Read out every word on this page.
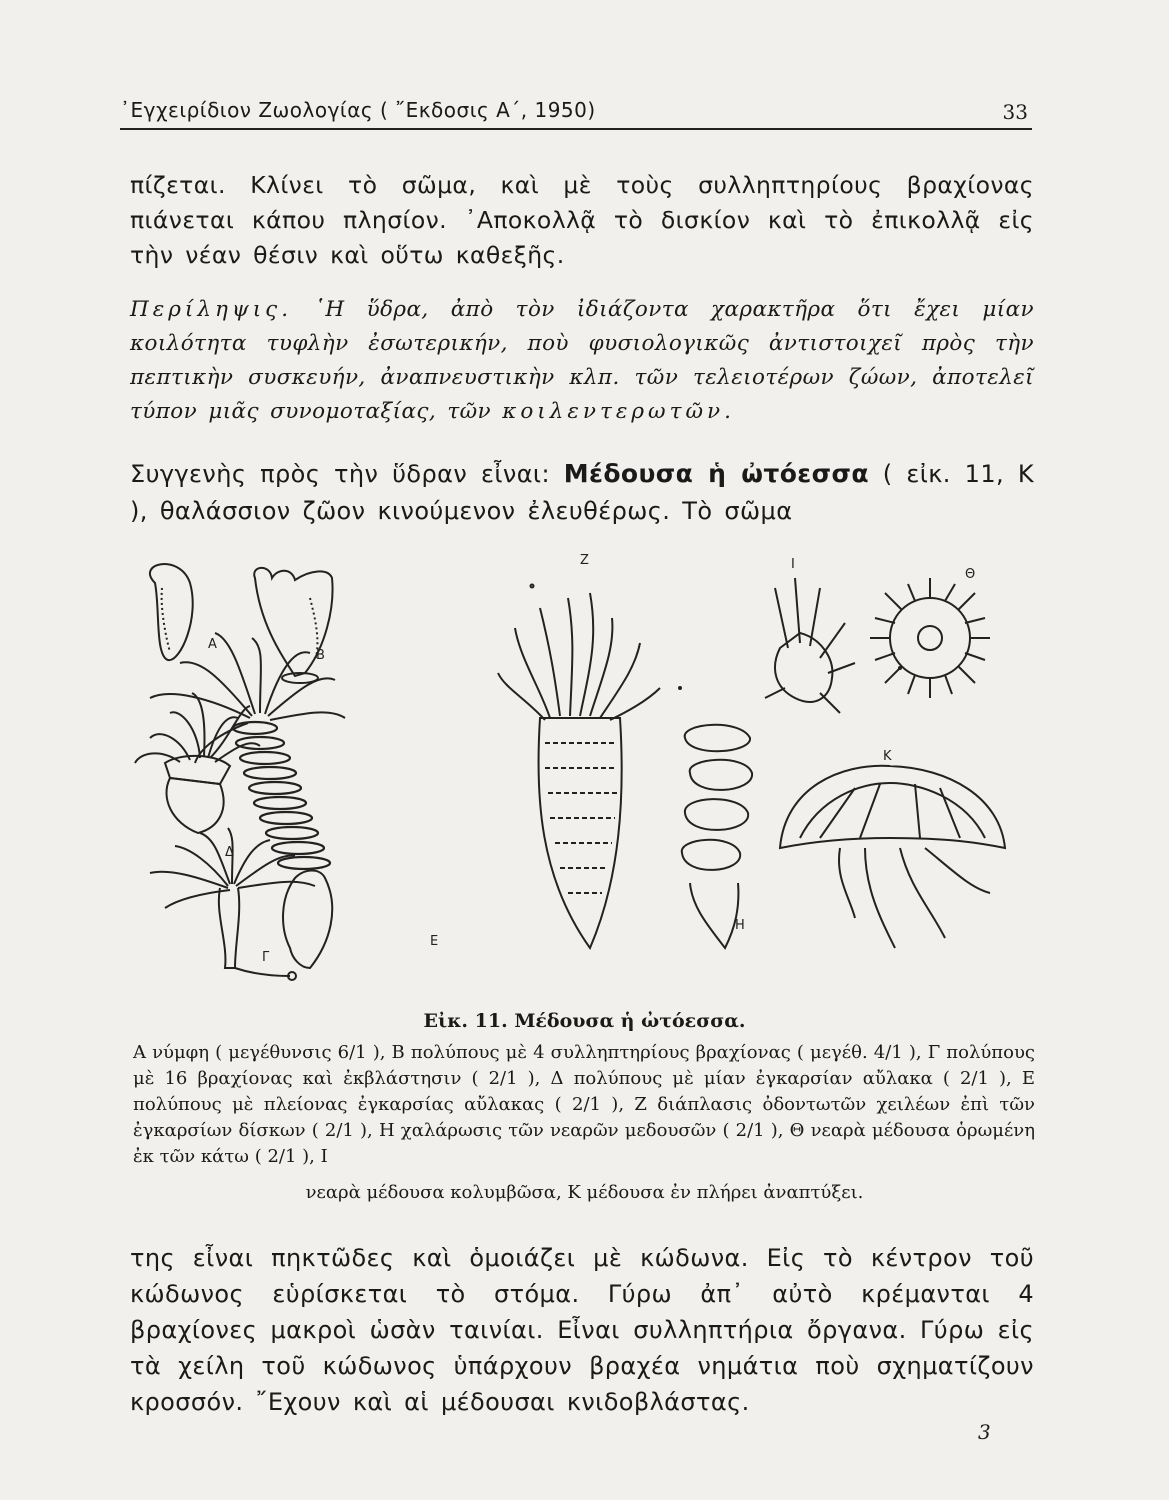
᾿Εγχειρίδιον Ζωολογίας ( ῎Εκδοσις Α΄, 1950)	33

πίζεται. Κλίνει τὸ σῶμα, καὶ μὲ τοὺς συλληπτηρίους βραχίονας πιάνεται κάπου πλησίον. ᾿Αποκολλᾷ τὸ δισκίον καὶ τὸ ἐπικολλᾷ εἰς τὴν νέαν θέσιν καὶ οὕτω καθεξῆς.

Περίληψις. ῾Η ὕδρα, ἀπὸ τὸν ἰδιάζοντα χαρακτῆρα ὅτι ἔχει μίαν κοιλότητα τυφλὴν ἐσωτερικήν, ποὺ φυσιολογικῶς ἀντιστοιχεῖ πρὸς τὴν πεπτικὴν συσκευήν, ἀναπνευστικὴν κλπ. τῶν τελειοτέρων ζώων, ἀποτελεῖ τύπον μιᾶς συνομοταξίας, τῶν κοιλεντερωτῶν.

Συγγενὴς πρὸς τὴν ὕδραν εἶναι: Μέδουσα ἡ ὠτόεσσα ( εἰκ. 11, Κ ), θαλάσσιον ζῶον κινούμενον ἐλευθέρως. Τὸ σῶμα

Α
Β
Δ
Γ
Ε
Ζ
Η
Ι
Θ
Κ

Εἰκ. 11. Μέδουσα ἡ ὠτόεσσα.

Α νύμφη ( μεγέθυνσις 6/1 ), Β πολύπους μὲ 4 συλληπτηρίους βραχίονας ( μεγέθ. 4/1 ), Γ πολύπους μὲ 16 βραχίονας καὶ ἐκβλάστησιν ( 2/1 ), Δ πολύπους μὲ μίαν ἐγκαρσίαν αὔλακα ( 2/1 ), Ε πολύπους μὲ πλείονας ἐγκαρσίας αὔλακας ( 2/1 ), Ζ διάπλασις ὀδοντωτῶν χειλέων ἐπὶ τῶν ἐγκαρσίων δίσκων ( 2/1 ), Η χαλάρωσις τῶν νεαρῶν μεδουσῶν ( 2/1 ), Θ νεαρὰ μέδουσα ὁρωμένη ἐκ τῶν κάτω ( 2/1 ), Ι

νεαρὰ μέδουσα κολυμβῶσα, Κ μέδουσα ἐν πλήρει ἀναπτύξει.

της εἶναι πηκτῶδες καὶ ὁμοιάζει μὲ κώδωνα. Εἰς τὸ κέντρον τοῦ κώδωνος εὑρίσκεται τὸ στόμα. Γύρω ἀπ᾿ αὐτὸ κρέμανται 4 βραχίονες μακροὶ ὡσὰν ταινίαι. Εἶναι συλληπτήρια ὄργανα. Γύρω εἰς τὰ χείλη τοῦ κώδωνος ὑπάρχουν βραχέα νημάτια ποὺ σχηματίζουν κροσσόν. ῎Εχουν καὶ αἱ μέδουσαι κνιδοβλάστας.

3
